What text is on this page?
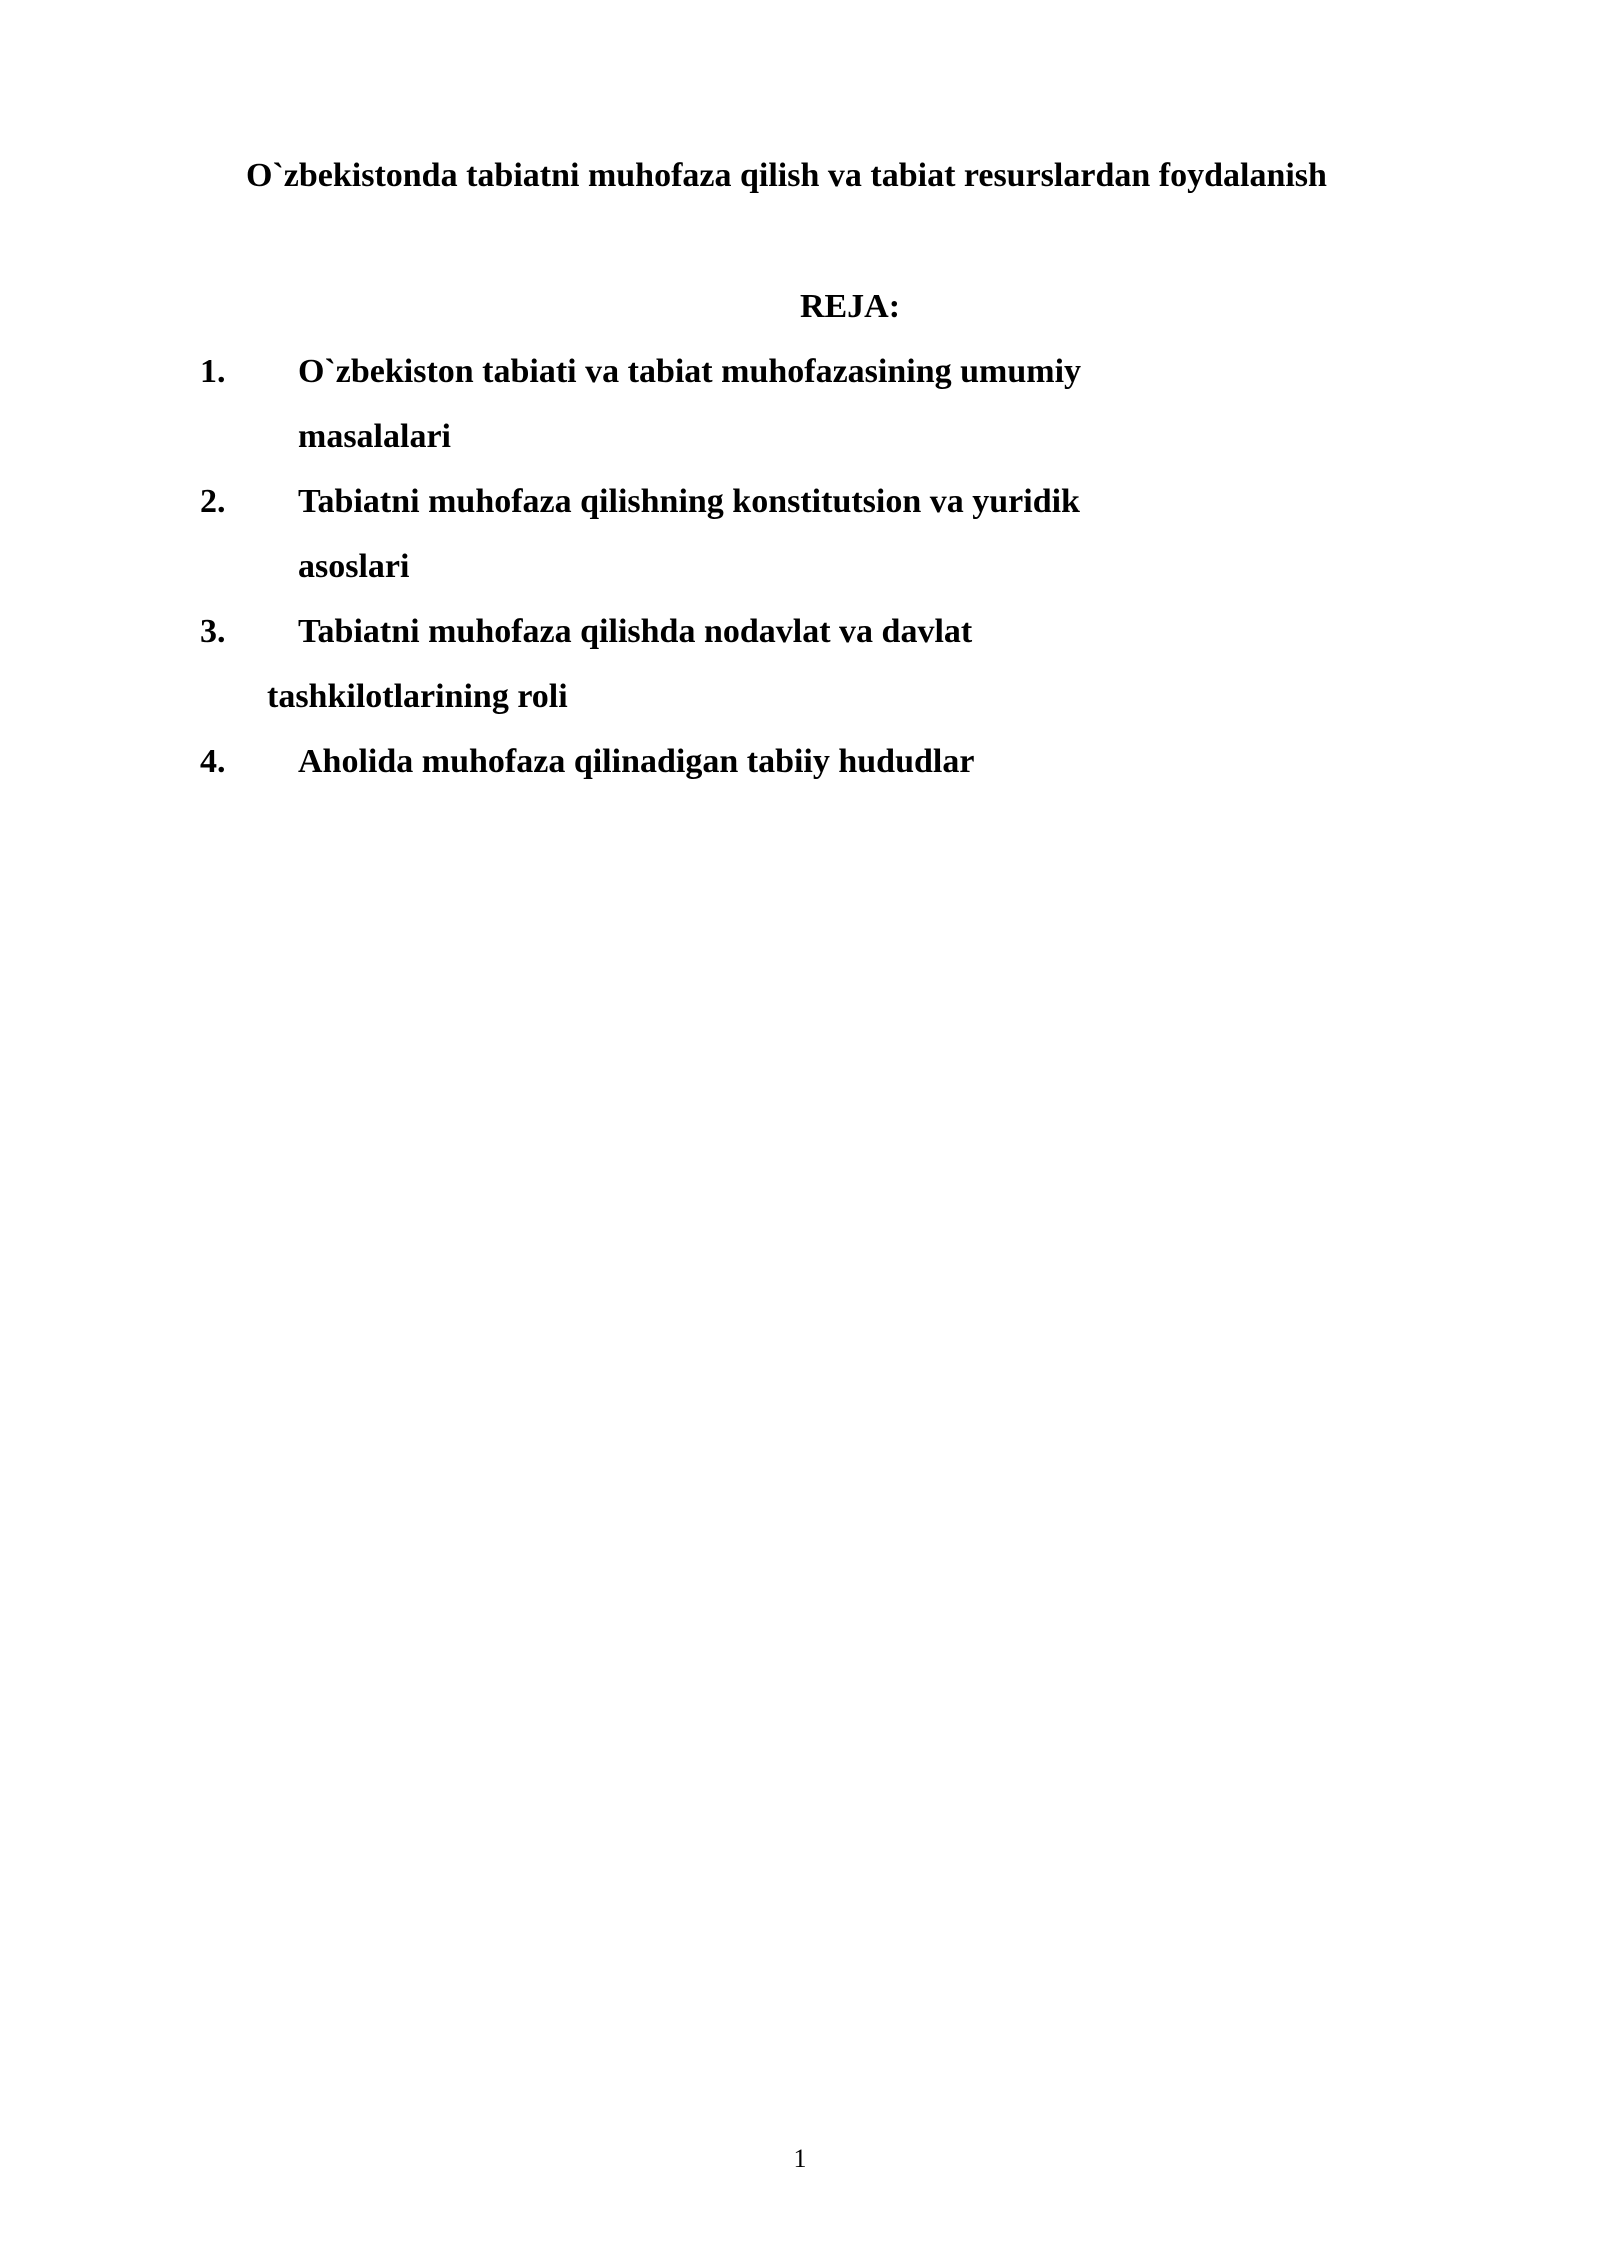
O`zbekistonda tabiatni muhofaza qilish va tabiat resurslardan foydalanish
REJA:
1. O`zbekiston tabiati va tabiat muhofazasining umumiy
masalalari
2. Tabiatni muhofaza qilishning konstitutsion va yuridik
asoslari
3. Tabiatni muhofaza qilishda nodavlat va davlat
tashkilotlarining roli
4. Aholida muhofaza qilinadigan tabiiy hududlar
1
